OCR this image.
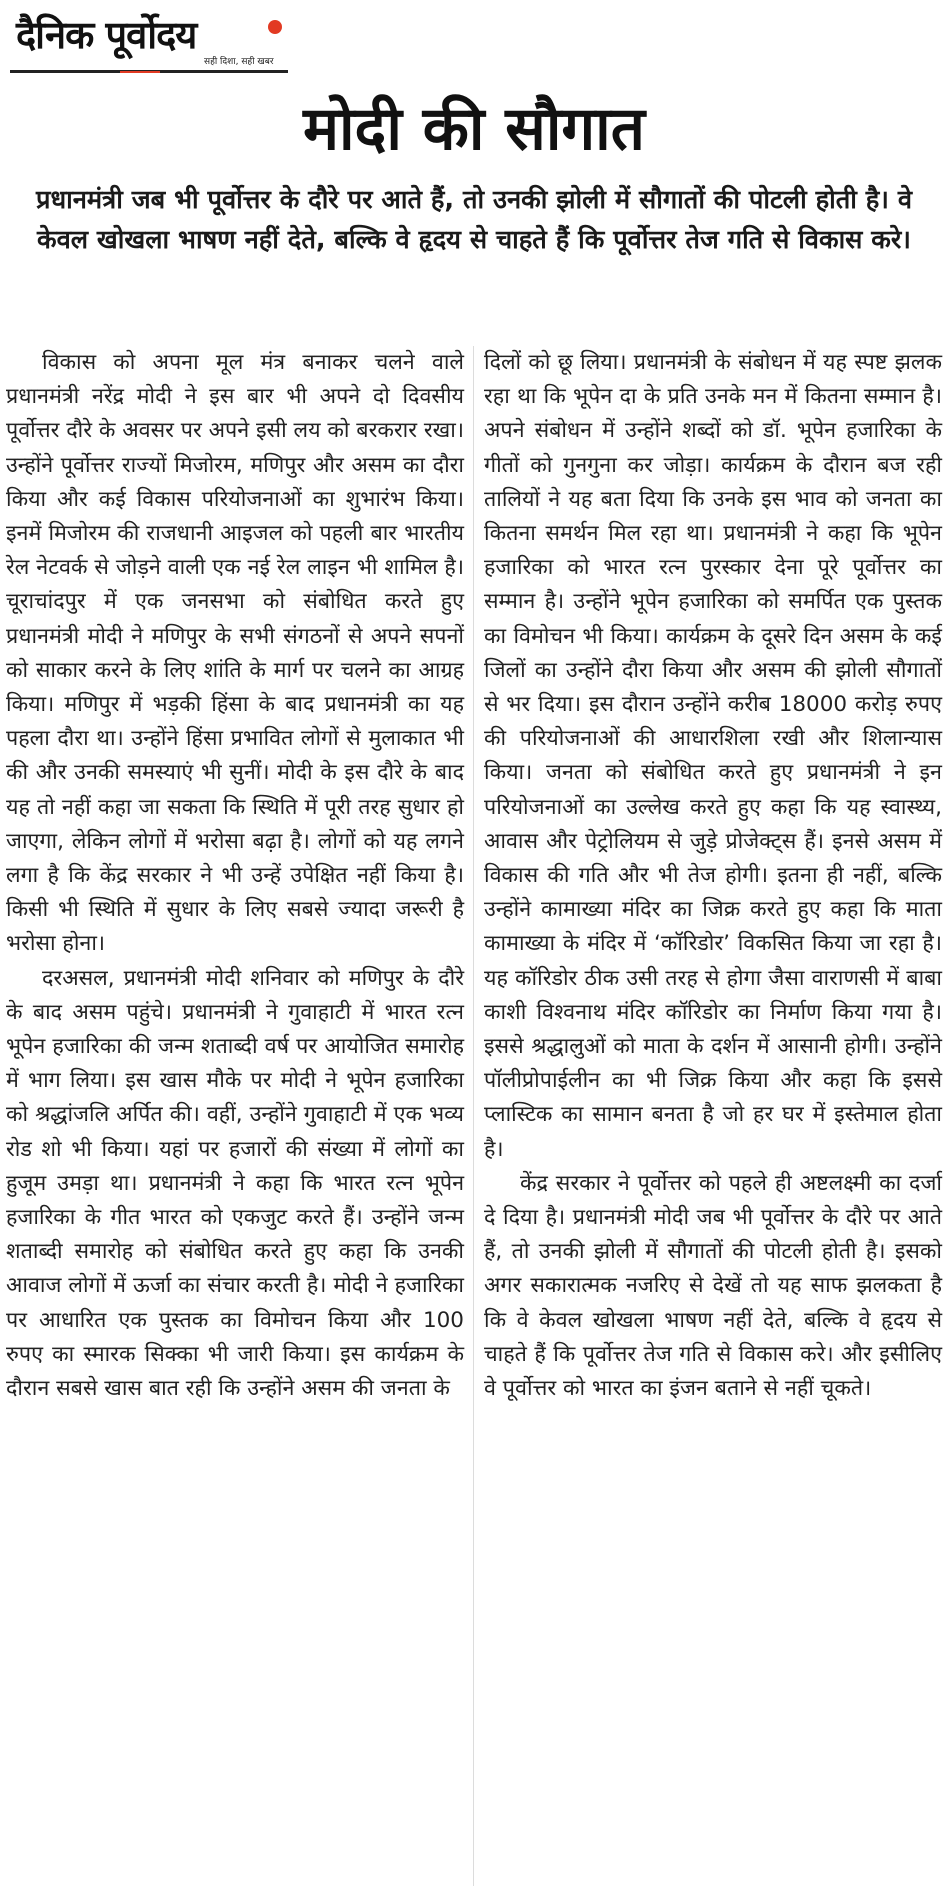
दैनिक पूर्वोदय
सही दिशा, सही खबर
मोदी की सौगात
प्रधानमंत्री जब भी पूर्वोत्तर के दौरे पर आते हैं, तो उनकी झोली में सौगातों की पोटली होती है। वे केवल खोखला भाषण नहीं देते, बल्कि वे हृदय से चाहते हैं कि पूर्वोत्तर तेज गति से विकास करे।

विकास को अपना मूल मंत्र बनाकर चलने वाले प्रधानमंत्री नरेंद्र मोदी ने इस बार भी अपने दो दिवसीय पूर्वोत्तर दौरे के अवसर पर अपने इसी लय को बरकरार रखा। उन्होंने पूर्वोत्तर राज्यों मिजोरम, मणिपुर और असम का दौरा किया और कई विकास परियोजनाओं का शुभारंभ किया। इनमें मिजोरम की राजधानी आइजल को पहली बार भारतीय रेल नेटवर्क से जोड़ने वाली एक नई रेल लाइन भी शामिल है। चूराचांदपुर में एक जनसभा को संबोधित करते हुए प्रधानमंत्री मोदी ने मणिपुर के सभी संगठनों से अपने सपनों को साकार करने के लिए शांति के मार्ग पर चलने का आग्रह किया। मणिपुर में भड़की हिंसा के बाद प्रधानमंत्री का यह पहला दौरा था। उन्होंने हिंसा प्रभावित लोगों से मुलाकात भी की और उनकी समस्याएं भी सुनीं। मोदी के इस दौरे के बाद यह तो नहीं कहा जा सकता कि स्थिति में पूरी तरह सुधार हो जाएगा, लेकिन लोगों में भरोसा बढ़ा है। लोगों को यह लगने लगा है कि केंद्र सरकार ने भी उन्हें उपेक्षित नहीं किया है। किसी भी स्थिति में सुधार के लिए सबसे ज्यादा जरूरी है भरोसा होना।

दरअसल, प्रधानमंत्री मोदी शनिवार को मणिपुर के दौरे के बाद असम पहुंचे। प्रधानमंत्री ने गुवाहाटी में भारत रत्न भूपेन हजारिका की जन्म शताब्दी वर्ष पर आयोजित समारोह में भाग लिया। इस खास मौके पर मोदी ने भूपेन हजारिका को श्रद्धांजलि अर्पित की। वहीं, उन्होंने गुवाहाटी में एक भव्य रोड शो भी किया। यहां पर हजारों की संख्या में लोगों का हुजूम उमड़ा था। प्रधानमंत्री ने कहा कि भारत रत्न भूपेन हजारिका के गीत भारत को एकजुट करते हैं। उन्होंने जन्म शताब्दी समारोह को संबोधित करते हुए कहा कि उनकी आवाज लोगों में ऊर्जा का संचार करती है। मोदी ने हजारिका पर आधारित एक पुस्तक का विमोचन किया और 100 रुपए का स्मारक सिक्का भी जारी किया। इस कार्यक्रम के दौरान सबसे खास बात रही कि उन्होंने असम की जनता के

दिलों को छू लिया। प्रधानमंत्री के संबोधन में यह स्पष्ट झलक रहा था कि भूपेन दा के प्रति उनके मन में कितना सम्मान है। अपने संबोधन में उन्होंने शब्दों को डॉ. भूपेन हजारिका के गीतों को गुनगुना कर जोड़ा। कार्यक्रम के दौरान बज रही तालियों ने यह बता दिया कि उनके इस भाव को जनता का कितना समर्थन मिल रहा था। प्रधानमंत्री ने कहा कि भूपेन हजारिका को भारत रत्न पुरस्कार देना पूरे पूर्वोत्तर का सम्मान है। उन्होंने भूपेन हजारिका को समर्पित एक पुस्तक का विमोचन भी किया। कार्यक्रम के दूसरे दिन असम के कई जिलों का उन्होंने दौरा किया और असम की झोली सौगातों से भर दिया। इस दौरान उन्होंने करीब 18000 करोड़ रुपए की परियोजनाओं की आधारशिला रखी और शिलान्यास किया। जनता को संबोधित करते हुए प्रधानमंत्री ने इन परियोजनाओं का उल्लेख करते हुए कहा कि यह स्वास्थ्य, आवास और पेट्रोलियम से जुड़े प्रोजेक्ट्स हैं। इनसे असम में विकास की गति और भी तेज होगी। इतना ही नहीं, बल्कि उन्होंने कामाख्या मंदिर का जिक्र करते हुए कहा कि माता कामाख्या के मंदिर में ‘कॉरिडोर’ विकसित किया जा रहा है। यह कॉरिडोर ठीक उसी तरह से होगा जैसा वाराणसी में बाबा काशी विश्वनाथ मंदिर कॉरिडोर का निर्माण किया गया है। इससे श्रद्धालुओं को माता के दर्शन में आसानी होगी। उन्होंने पॉलीप्रोपाईलीन का भी जिक्र किया और कहा कि इससे प्लास्टिक का सामान बनता है जो हर घर में इस्तेमाल होता है।

केंद्र सरकार ने पूर्वोत्तर को पहले ही अष्टलक्ष्मी का दर्जा दे दिया है। प्रधानमंत्री मोदी जब भी पूर्वोत्तर के दौरे पर आते हैं, तो उनकी झोली में सौगातों की पोटली होती है। इसको अगर सकारात्मक नजरिए से देखें तो यह साफ झलकता है कि वे केवल खोखला भाषण नहीं देते, बल्कि वे हृदय से चाहते हैं कि पूर्वोत्तर तेज गति से विकास करे। और इसीलिए वे पूर्वोत्तर को भारत का इंजन बताने से नहीं चूकते।
